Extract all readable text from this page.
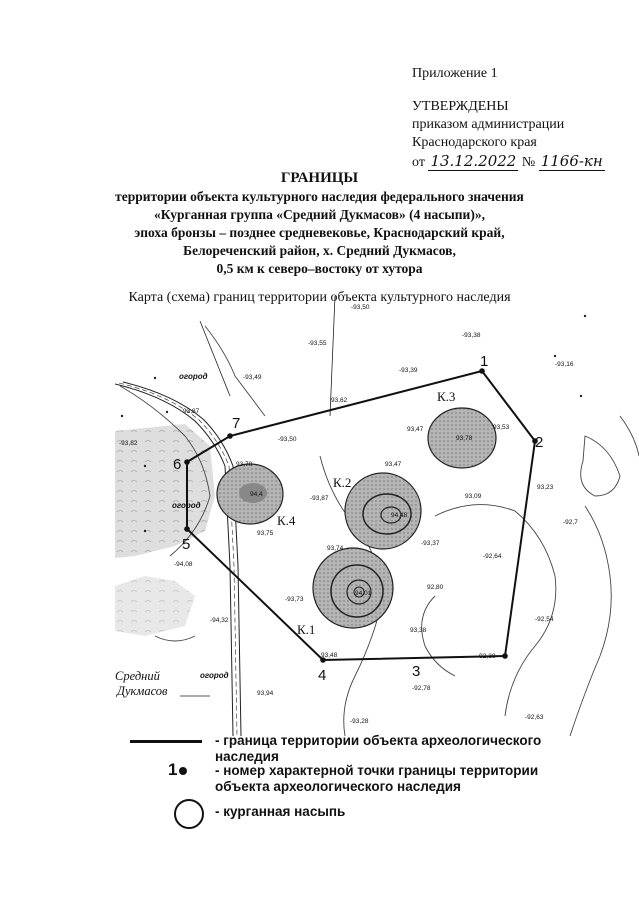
Приложение 1
УТВЕРЖДЕНЫ
приказом администрации
Краснодарского края
от 13.12.2022 № 1166-кн
ГРАНИЦЫ
территории объекта культурного наследия федерального значения
«Курганная группа «Средний Дукмасов» (4 насыпи)»,
эпоха бронзы – позднее средневековье, Краснодарский край,
Белореченский район, х. Средний Дукмасов,
0,5 км к северо–востоку от хутора
Карта (схема) границ территории объекта культурного наследия
1
2
3
4
5
6
7
К.1
К.2
К.3
К.4
94,01
94,48
93,78
94,4
-93,50
-93,55
-93,38
-93,16
-93,49
-93,39
93,62
93,87
-93,50
93,47	93,53
-93,82
93,70	93,47
93,23
-93,87	93,09
93,75
-92,7
93,74
-93,37
-94,08
-92,64
92,80
-93,73
-94,32
93,38
-92,54
93,48	-92,38
-92,78
93,94
-92,63
-93,28
огород
огород
огород
Средний
Дукмасов
- граница территории объекта археологического наследия
1	- номер характерной точки границы территории объекта археологического наследия
- курганная насыпь
